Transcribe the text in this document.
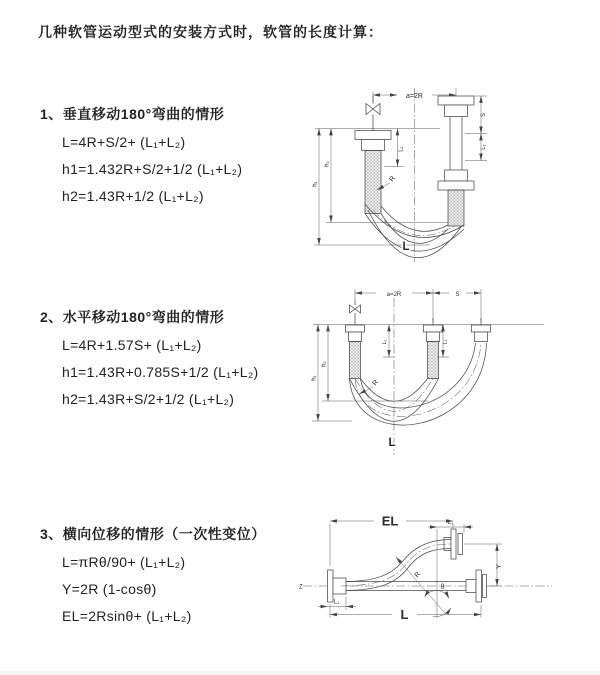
几种软管运动型式的安装方式时，软管的长度计算：
1、垂直移动180°弯曲的情形
L=4R+S/2+ (L₁+L₂)
h1=1.432R+S/2+1/2 (L₁+L₂)
h2=1.43R+1/2 (L₁+L₂)
2、水平移动180°弯曲的情形
L=4R+1.57S+ (L₁+L₂)
h1=1.43R+0.785S+1/2 (L₁+L₂)
h2=1.43R+S/2+1/2 (L₁+L₂)
3、横向位移的情形（一次性变位）
L=πRθ/90+ (L₁+L₂)
Y=2R (1-cosθ)
EL=2Rsinθ+ (L₁+L₂)
a=2R
L₁
S
L₁
h₂
h₁
R
L
a=2R	S
L₁	L₁
h₂
h₁
R
L
Z
EL	L₁
Y
R
θ
L₁
L
